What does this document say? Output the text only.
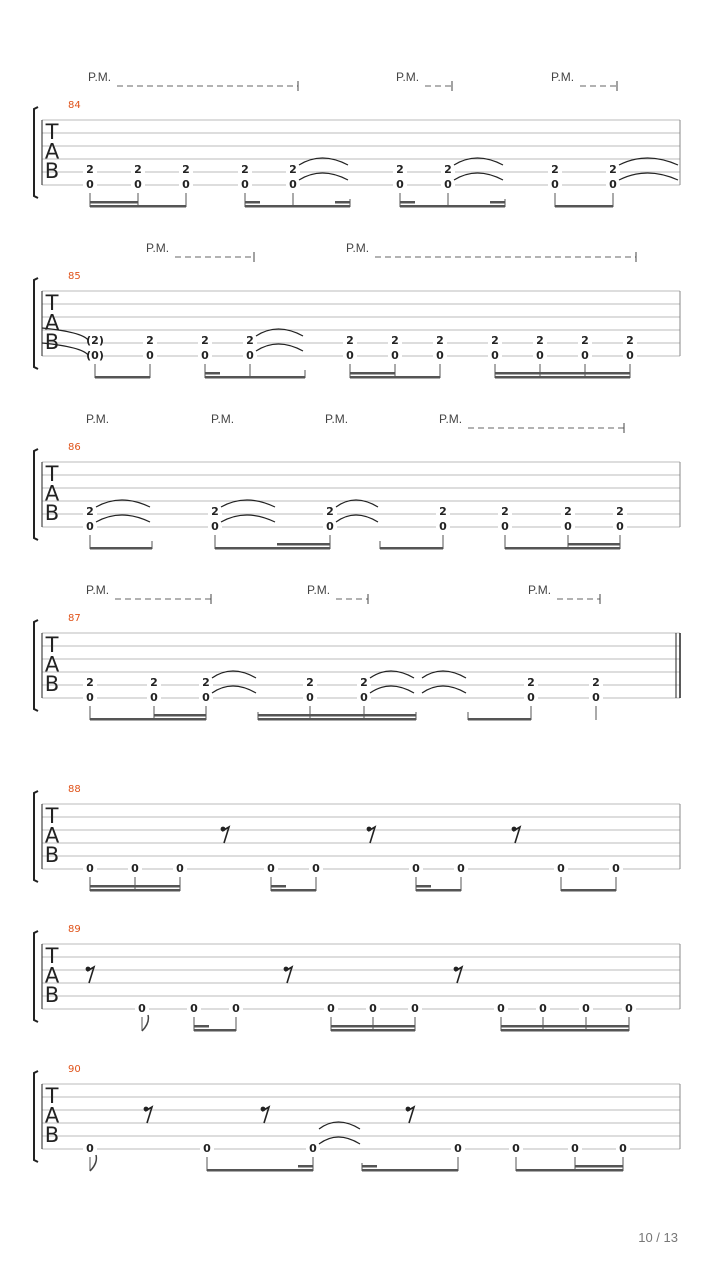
T
A
B
84
P.M.	P.M.	P.M.
2
0
2
0
2
0
2
0
2
0
2
0
2
0
2
0
2
0
T
A
B
85
P.M.	P.M.
(2)
(0)
2
0
2
0
2
0
2
0
2
0
2
0
2
0
2
0
2
0
2
0
T
A
B
86
P.M.	P.M.	P.M.	P.M.
2
0
2
0
2
0
2
0
2
0
2
0
2
0
T
A
B
87
P.M.	P.M.	P.M.
2
0
2
0
2
0
2
0
2
0
2
0
2
0
T
A
B
88
0	0	0	0	0	0	0	0	0
T
A
B
89
0	0	0	0	0	0	0	0	0	0
T
A
B
90
0	0	0	0	0	0	0
10 / 13
